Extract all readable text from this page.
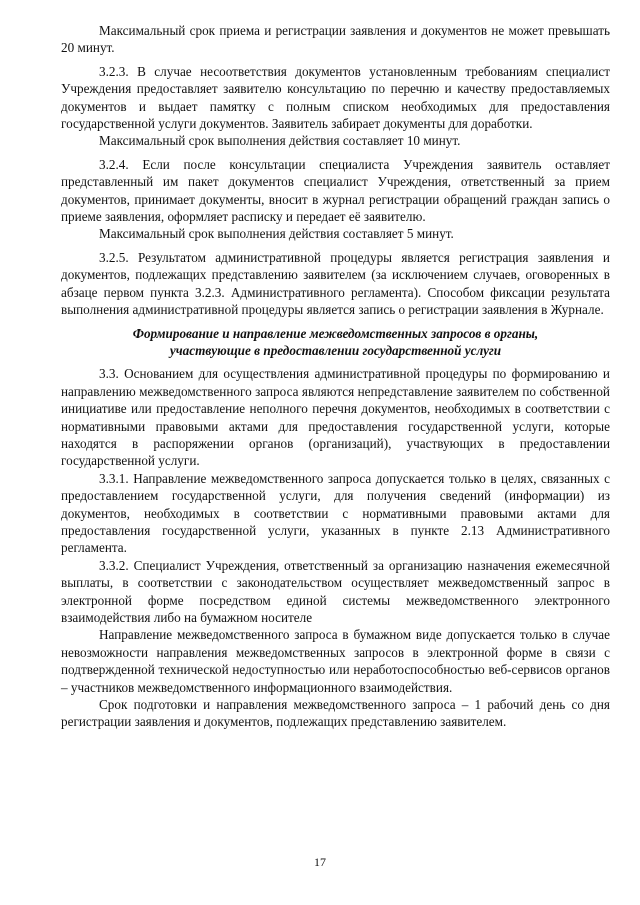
Максимальный срок приема и регистрации заявления и документов не может превышать 20 минут.

3.2.3. В случае несоответствия документов установленным требованиям специалист Учреждения предоставляет заявителю консультацию по перечню и качеству предоставляемых документов и выдает памятку с полным списком необходимых для предоставления государственной услуги документов. Заявитель забирает документы для доработки.

Максимальный срок выполнения действия составляет 10 минут.

3.2.4. Если после консультации специалиста Учреждения заявитель оставляет представленный им пакет документов специалист Учреждения, ответственный за прием документов, принимает документы, вносит в журнал регистрации обращений граждан запись о приеме заявления, оформляет расписку и передает её заявителю.

Максимальный срок выполнения действия составляет 5 минут.

3.2.5. Результатом административной процедуры является регистрация заявления и документов, подлежащих представлению заявителем (за исключением случаев, оговоренных в абзаце первом пункта 3.2.3. Административного регламента). Способом фиксации результата выполнения административной процедуры является запись о регистрации заявления в Журнале.

Формирование и направление межведомственных запросов в органы,
участвующие в предоставлении государственной услуги

3.3. Основанием для осуществления административной процедуры по формированию и направлению межведомственного запроса являются непредставление заявителем по собственной инициативе или предоставление неполного перечня документов, необходимых в соответствии с нормативными правовыми актами для предоставления государственной услуги, которые находятся в распоряжении органов (организаций), участвующих в предоставлении государственной услуги.

3.3.1. Направление межведомственного запроса допускается только в целях, связанных с предоставлением государственной услуги, для получения сведений (информации) из документов, необходимых в соответствии с нормативными правовыми актами для предоставления государственной услуги, указанных в пункте 2.13 Административного регламента.

3.3.2. Специалист Учреждения, ответственный за организацию назначения ежемесячной выплаты, в соответствии с законодательством осуществляет межведомственный запрос в электронной форме посредством единой системы межведомственного электронного взаимодействия либо на бумажном носителе

Направление межведомственного запроса в бумажном виде допускается только в случае невозможности направления межведомственных запросов в электронной форме в связи с подтвержденной технической недоступностью или неработоспособностью веб-сервисов органов – участников межведомственного информационного взаимодействия.

Срок подготовки и направления межведомственного запроса – 1 рабочий день со дня регистрации заявления и документов, подлежащих представлению заявителем.

17
